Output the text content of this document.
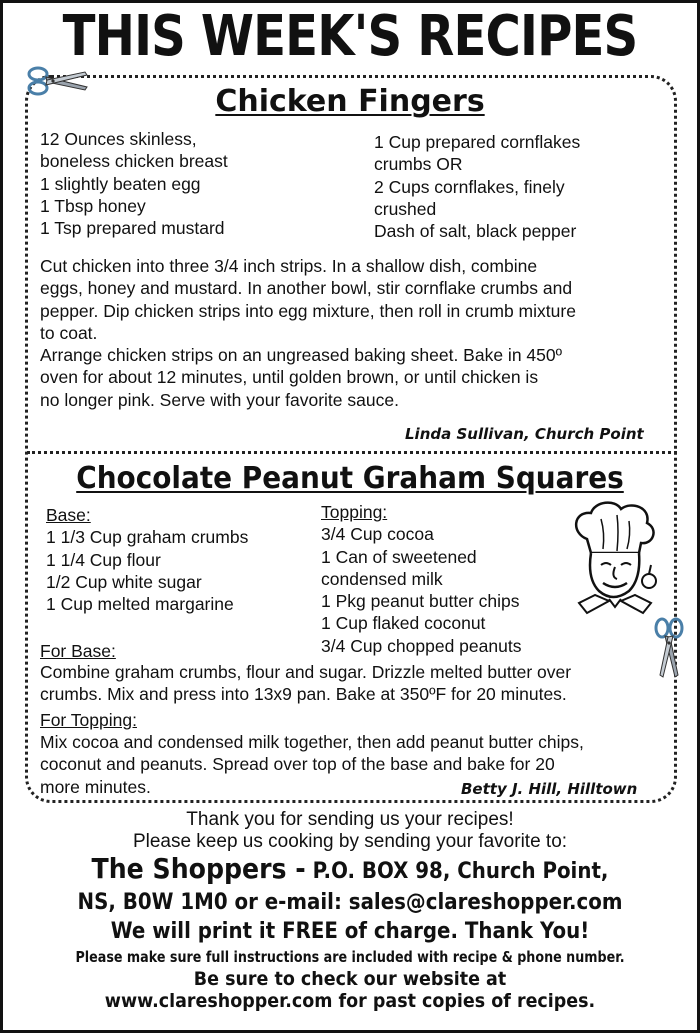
THIS WEEK'S RECIPES
Chicken Fingers
12 Ounces skinless,
boneless chicken breast
1 slightly beaten egg
1 Tbsp honey
1 Tsp prepared mustard
1 Cup prepared cornflakes
crumbs OR
2 Cups cornflakes, finely
crushed
Dash of salt, black pepper
Cut chicken into three 3/4 inch strips. In a shallow dish, combine
eggs, honey and mustard. In another bowl, stir cornflake crumbs and
pepper. Dip chicken strips into egg mixture, then roll in crumb mixture
to coat.
Arrange chicken strips on an ungreased baking sheet. Bake in 450º
oven for about 12 minutes, until golden brown, or until chicken is
no longer pink. Serve with your favorite sauce.
Linda Sullivan, Church Point
Chocolate Peanut Graham Squares
Base:
1 1/3 Cup graham crumbs
1 1/4 Cup flour
1/2 Cup white sugar
1 Cup melted margarine
Topping:
3/4 Cup cocoa
1 Can of sweetened
condensed milk
1 Pkg peanut butter chips
1 Cup flaked coconut
3/4 Cup chopped peanuts
For Base:
Combine graham crumbs, flour and sugar. Drizzle melted butter over
crumbs. Mix and press into 13x9 pan. Bake at 350ºF for 20 minutes.
For Topping:
Mix cocoa and condensed milk together, then add peanut butter chips,
coconut and peanuts. Spread over top of the base and bake for 20
more minutes.	Betty J. Hill, Hilltown
Thank you for sending us your recipes!
Please keep us cooking by sending your favorite to:
The Shoppers - P.O. BOX 98, Church Point,
NS, B0W 1M0 or e-mail: sales@clareshopper.com
We will print it FREE of charge. Thank You!
Please make sure full instructions are included with recipe & phone number.
Be sure to check our website at
www.clareshopper.com for past copies of recipes.
